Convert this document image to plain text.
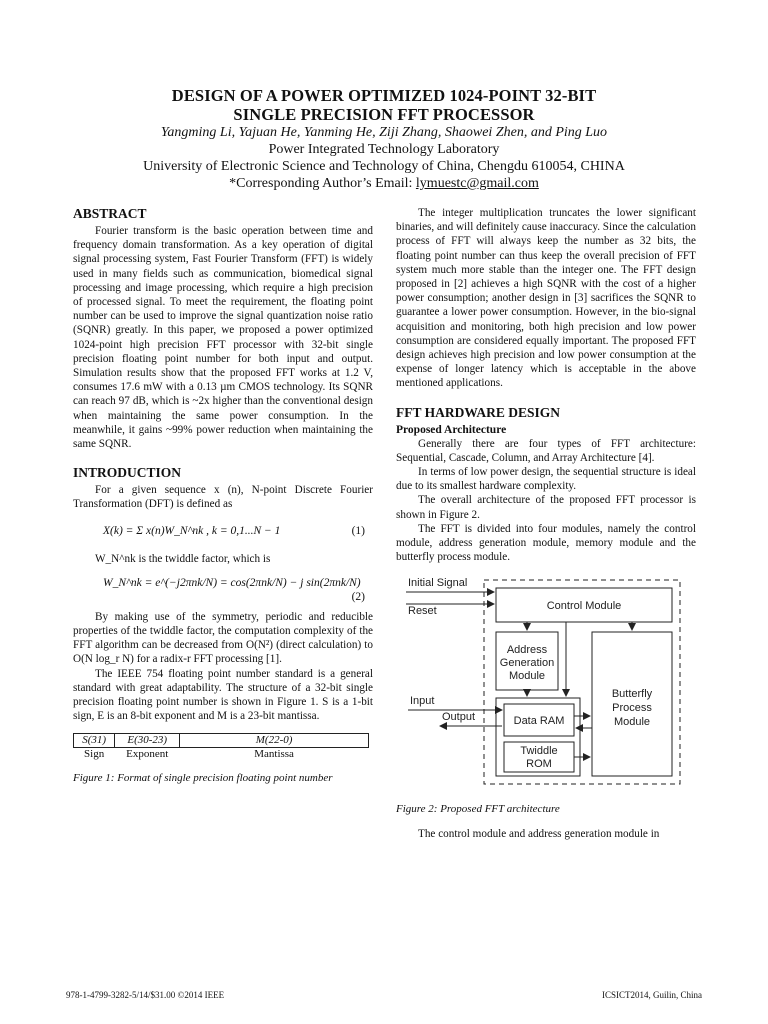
DESIGN OF A POWER OPTIMIZED 1024-POINT 32-BIT
SINGLE PRECISION FFT PROCESSOR
Yangming Li, Yajuan He, Yanming He, Ziji Zhang, Shaowei Zhen, and Ping Luo
Power Integrated Technology Laboratory
University of Electronic Science and Technology of China, Chengdu 610054, CHINA
*Corresponding Author’s Email: lymuestc@gmail.com
ABSTRACT

Fourier transform is the basic operation between time and frequency domain transformation. As a key operation of digital signal processing system, Fast Fourier Transform (FFT) is widely used in many fields such as communication, biomedical signal processing and image processing, which require a high precision of processed signal. To meet the requirement, the floating point number can be used to improve the signal quantization noise ratio (SQNR) greatly. In this paper, we proposed a power optimized 1024-point high precision FFT processor with 32-bit single precision floating point number for both input and output. Simulation results show that the proposed FFT works at 1.2 V, consumes 17.6 mW with a 0.13 µm CMOS technology. Its SQNR can reach 97 dB, which is ~2x higher than the conventional design when maintaining the same power consumption. In the meanwhile, it gains ~99% power reduction when maintaining the same SQNR.

INTRODUCTION

For a given sequence x (n), N-point Discrete Fourier Transformation (DFT) is defined as

X(k) = Σ x(n)W_N^nk , k = 0,1...N − 1	(1)

W_N^nk is the twiddle factor, which is

W_N^nk = e^(−j2πnk/N) = cos(2πnk/N) − j sin(2πnk/N)
(2)

By making use of the symmetry, periodic and reducible properties of the twiddle factor, the computation complexity of the FFT algorithm can be decreased from O(N²) (direct calculation) to O(N log_r N) for a radix-r FFT processing [1].

The IEEE 754 floating point number standard is a general standard with great adaptability. The structure of a 32-bit single precision floating point number is shown in Figure 1. S is a 1-bit sign, E is an 8-bit exponent and M is a 23-bit mantissa.

S(31)	E(30-23)	M(22-0)
Sign	Exponent	Mantissa
Figure 1: Format of single precision floating point number

The integer multiplication truncates the lower significant binaries, and will definitely cause inaccuracy. Since the calculation process of FFT will always keep the number as 32 bits, the floating point number can thus keep the overall precision of FFT system much more stable than the integer one. The FFT design proposed in [2] achieves a high SQNR with the cost of a higher power consumption; another design in [3] sacrifices the SQNR to guarantee a lower power consumption. However, in the bio-signal acquisition and monitoring, both high precision and low power consumption are considered equally important. The proposed FFT design achieves high precision and low power consumption at the expense of longer latency which is acceptable in the above mentioned applications.

FFT HARDWARE DESIGN
Proposed Architecture

Generally there are four types of FFT architecture: Sequential, Cascade, Column, and Array Architecture [4].

In terms of low power design, the sequential structure is ideal due to its smallest hardware complexity.

The overall architecture of the proposed FFT processor is shown in Figure 2.

The FFT is divided into four modules, namely the control module, address generation module, memory module and the butterfly process module.

Control Module
Address
Generation
Module
Butterfly
Process
Module
Data RAM
Twiddle
ROM
Initial Signal
Reset
Input
Output
Figure 2: Proposed FFT architecture

The control module and address generation module in

978-1-4799-3282-5/14/$31.00 ©2014 IEEE	ICSICT2014, Guilin, China
